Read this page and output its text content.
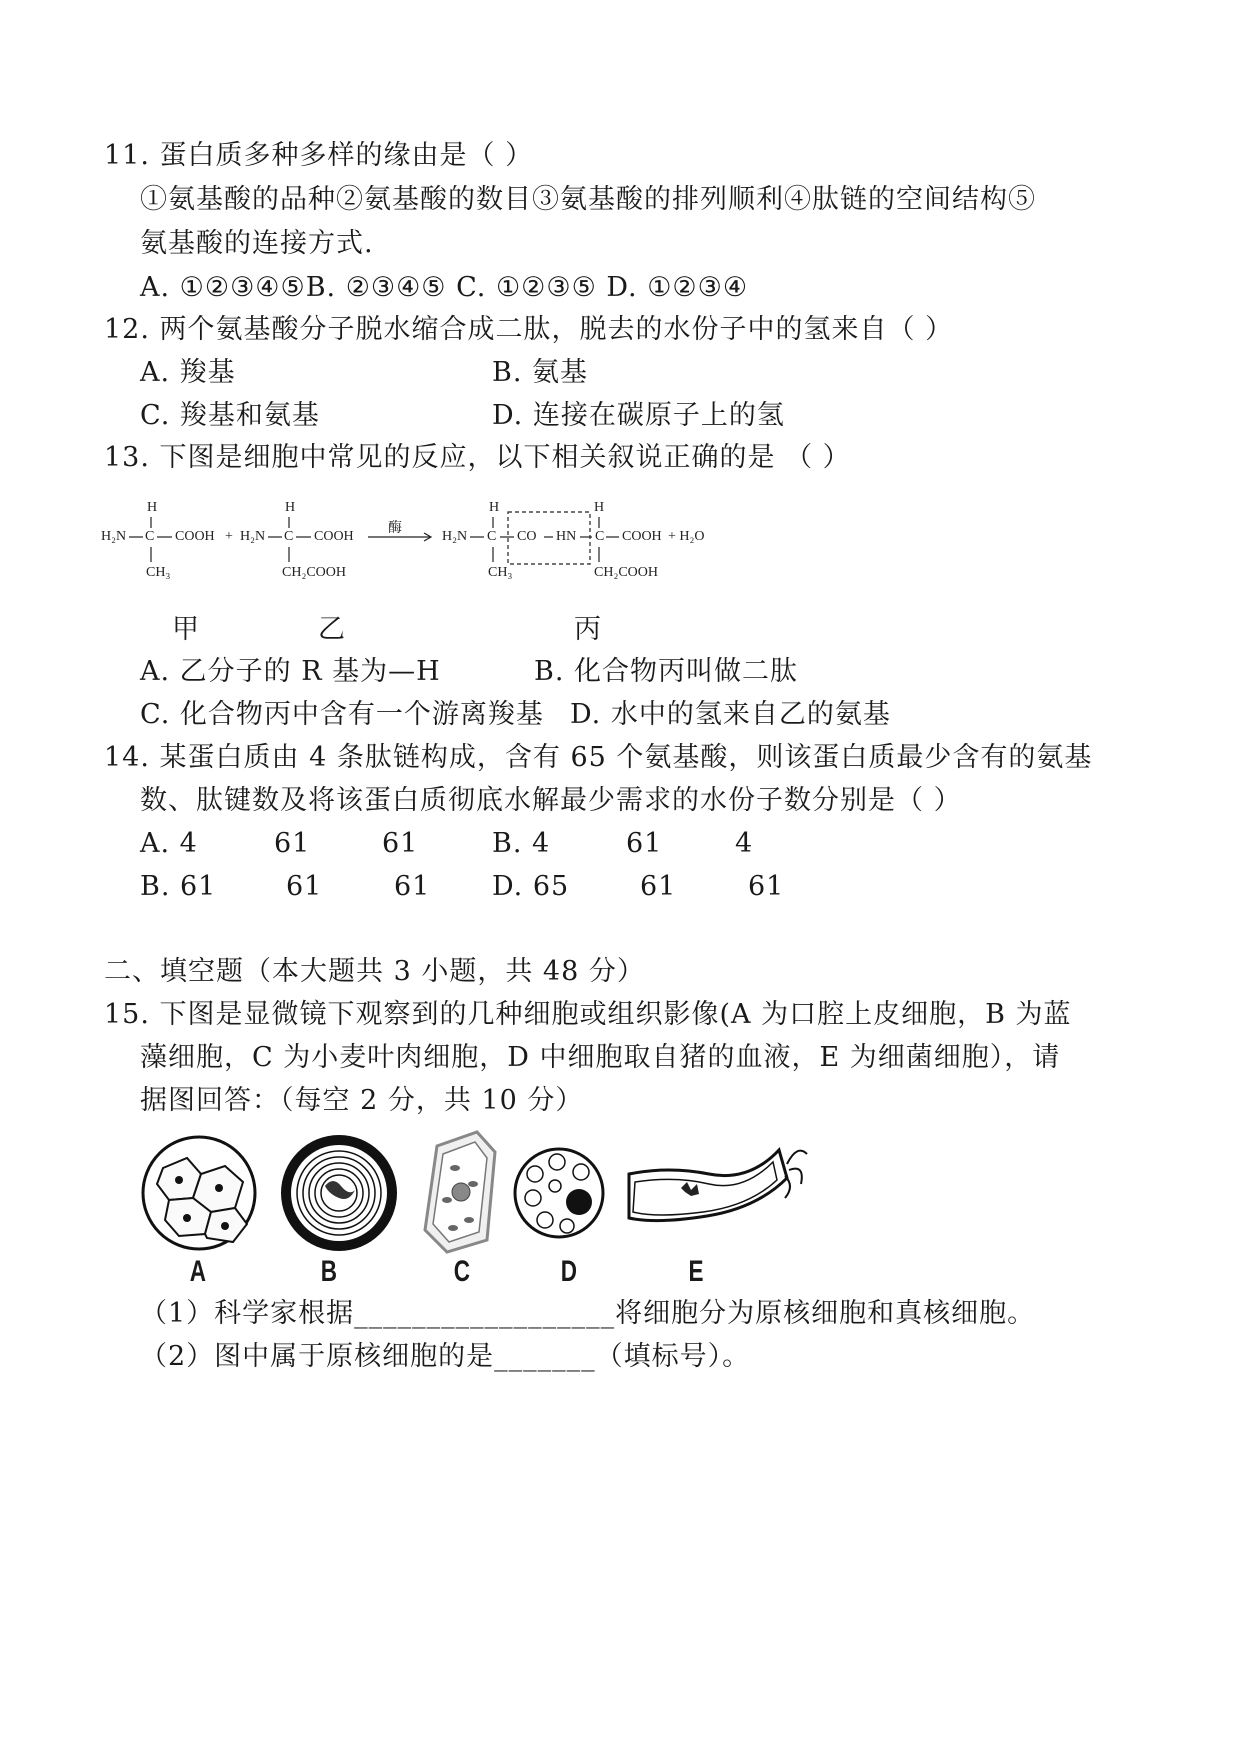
11. 蛋白质多种多样的缘由是（ ）
①氨基酸的品种②氨基酸的数目③氨基酸的排列顺利④肽链的空间结构⑤
氨基酸的连接方式.
A. ①②③④⑤B. ②③④⑤ C. ①②③⑤ D. ①②③④
12. 两个氨基酸分子脱水缩合成二肽，脱去的水份子中的氢来自（ ）
A. 羧基	B. 氨基
C. 羧基和氨基	D. 连接在碳原子上的氢
13. 下图是细胞中常见的反应，以下相关叙说正确的是 （ ）
H
H₂N C COOH
CH₃
+
H
H₂N C COOH
CH₂COOH
酶
H	H
H₂N C CO HN C COOH + H₂O
CH₃	CH₂COOH
甲	乙	丙
A. 乙分子的 R 基为—H	B. 化合物丙叫做二肽
C. 化合物丙中含有一个游离羧基 D. 水中的氢来自乙的氨基
14. 某蛋白质由 4 条肽链构成，含有 65 个氨基酸，则该蛋白质最少含有的氨基
数、肽键数及将该蛋白质彻底水解最少需求的水份子数分别是（ ）
A. 4	61	61	B. 4	61	4
B. 61	61	61 D. 65	61	61
二、填空题（本大题共 3 小题，共 48 分）
15. 下图是显微镜下观察到的几种细胞或组织影像(A 为口腔上皮细胞，B 为蓝
藻细胞，C 为小麦叶肉细胞，D 中细胞取自猪的血液，E 为细菌细胞），请
据图回答：（每空 2 分，共 10 分）
A	B	C	D	E
（1）科学家根据__________________将细胞分为原核细胞和真核细胞。
（2）图中属于原核细胞的是_______（填标号）。
